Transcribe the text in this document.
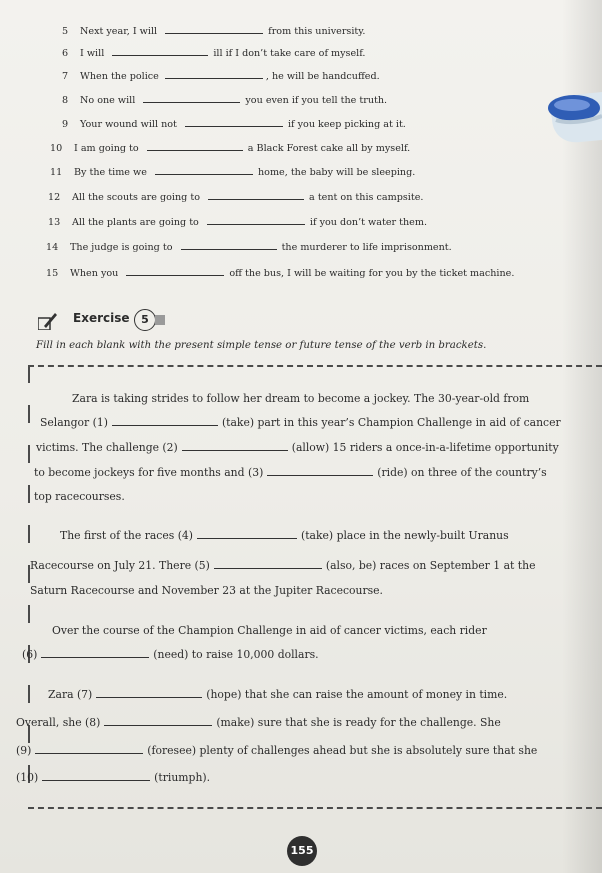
5 Next year, I will	from this university.
6 I will	ill if I don’t take care of myself.
7 When the police	, he will be handcuffed.
8 No one will	you even if you tell the truth.
9 Your wound will not	if you keep picking at it.
10 I am going to	a Black Forest cake all by myself.
11 By the time we	home, the baby will be sleeping.
12 All the scouts are going to	a tent on this campsite.
13 All the plants are going to	if you don’t water them.
14 The judge is going to	the murderer to life imprisonment.
15 When you	off the bus, I will be waiting for you by the ticket machine.
Exercise	5
Fill in each blank with the present simple tense or future tense of the verb in brackets.
Zara is taking strides to follow her dream to become a jockey. The 30-year-old from
Selangor (1)	(take) part in this year’s Champion Challenge in aid of cancer
victims. The challenge (2)	(allow) 15 riders a once-in-a-lifetime opportunity
to become jockeys for five months and (3)	(ride) on three of the country’s
top racecourses.
The first of the races (4)	(take) place in the newly-built Uranus
Racecourse on July 21. There (5)	(also, be) races on September 1 at the
Saturn Racecourse and November 23 at the Jupiter Racecourse.
Over the course of the Champion Challenge in aid of cancer victims, each rider
(6)	(need) to raise 10,000 dollars.
Zara (7)	(hope) that she can raise the amount of money in time.
Overall, she (8)	(make) sure that she is ready for the challenge. She
(9)	(foresee) plenty of challenges ahead but she is absolutely sure that she
(10)	(triumph).
155
